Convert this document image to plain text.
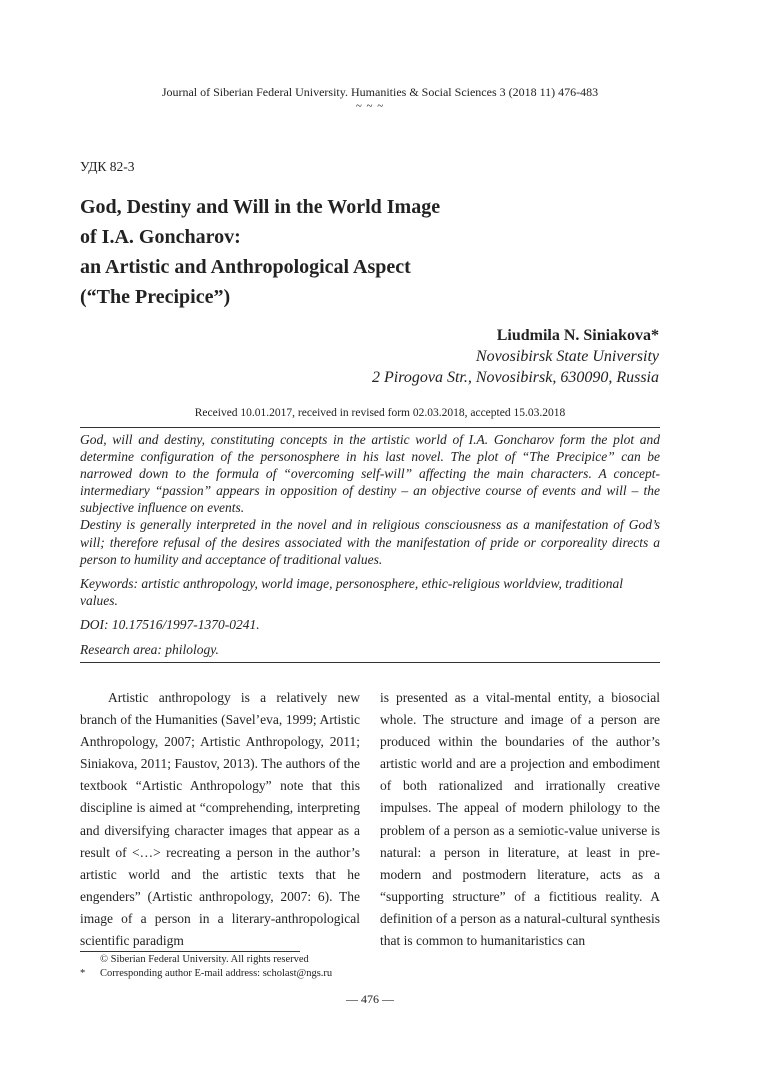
Journal of Siberian Federal University. Humanities & Social Sciences 3 (2018 11) 476-483
~ ~ ~
УДК 82-3
God, Destiny and Will in the World Image
of I.A. Goncharov:
an Artistic and Anthropological Aspect
(“The Precipice”)
Liudmila N. Siniakova*
Novosibirsk State University
2 Pirogova Str., Novosibirsk, 630090, Russia
Received 10.01.2017, received in revised form 02.03.2018, accepted 15.03.2018

God, will and destiny, constituting concepts in the artistic world of I.A. Goncharov form the plot and determine configuration of the personosphere in his last novel. The plot of “The Precipice” can be narrowed down to the formula of “overcoming self-will” affecting the main characters. A concept-intermediary “passion” appears in opposition of destiny – an objective course of events and will – the subjective influence on events.

Destiny is generally interpreted in the novel and in religious consciousness as a manifestation of God’s will; therefore refusal of the desires associated with the manifestation of pride or corporeality directs a person to humility and acceptance of traditional values.

Keywords: artistic anthropology, world image, personosphere, ethic-religious worldview, traditional values.
DOI: 10.17516/1997-1370-0241.
Research area: philology.

Artistic anthropology is a relatively new branch of the Humanities (Savel’eva, 1999; Artistic Anthropology, 2007; Artistic Anthropology, 2011; Siniakova, 2011; Faustov, 2013). The authors of the textbook “Artistic Anthropology” note that this discipline is aimed at “comprehending, interpreting and diversifying character images that appear as a result of <…> recreating a person in the author’s artistic world and the artistic texts that he engenders” (Artistic anthropology, 2007: 6). The image of a person in a literary-anthropological scientific paradigm

is presented as a vital-mental entity, a biosocial whole. The structure and image of a person are produced within the boundaries of the author’s artistic world and are a projection and embodiment of both rationalized and irrationally creative impulses. The appeal of modern philology to the problem of a person as a semiotic-value universe is natural: a person in literature, at least in pre-modern and postmodern literature, acts as a “supporting structure” of a fictitious reality. A definition of a person as a natural-cultural synthesis that is common to humanitaristics can

© Siberian Federal University. All rights reserved
* Corresponding author E-mail address: scholast@ngs.ru
— 476 —
